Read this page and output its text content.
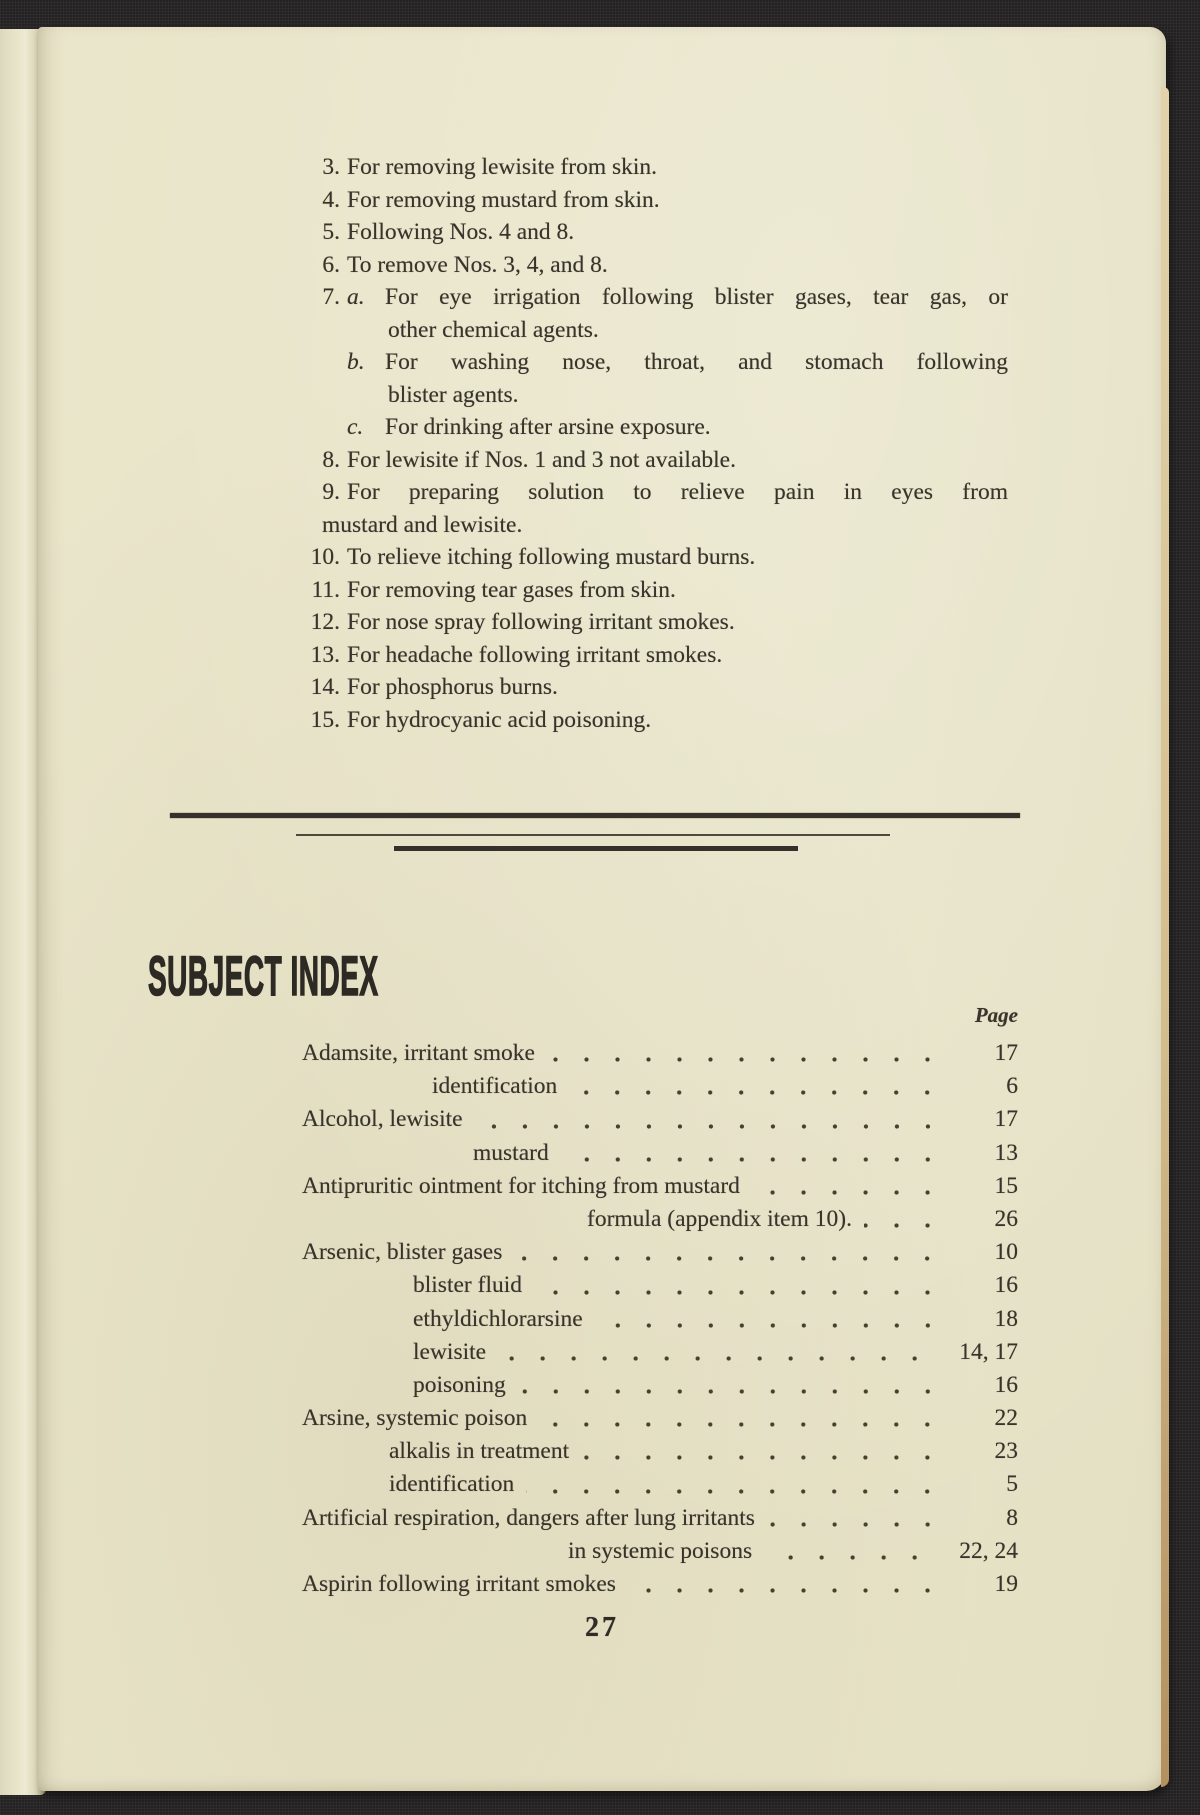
3. For removing lewisite from skin.
4. For removing mustard from skin.
5. Following Nos. 4 and 8.
6. To remove Nos. 3, 4, and 8.
7. a. For eye irrigation following blister gases, tear gas, or
other chemical agents.
b. For washing nose, throat, and stomach following
blister agents.
c. For drinking after arsine exposure.
8. For lewisite if Nos. 1 and 3 not available.
9. For preparing solution to relieve pain in eyes from
mustard and lewisite.
10. To relieve itching following mustard burns.
11. For removing tear gases from skin.
12. For nose spray following irritant smokes.
13. For headache following irritant smokes.
14. For phosphorus burns.
15. For hydrocyanic acid poisoning.
SUBJECT INDEX
Page
Adamsite, irritant smoke	17
identification	6
Alcohol, lewisite	17
mustard	13
Antipruritic ointment for itching from mustard	15
formula (appendix item 10).	26
Arsenic, blister gases	10
blister fluid	16
ethyldichlorarsine	18
lewisite	14, 17
poisoning	16
Arsine, systemic poison	22
alkalis in treatment	23
identification	5
Artificial respiration, dangers after lung irritants	8
in systemic poisons	22, 24
Aspirin following irritant smokes	19
27
